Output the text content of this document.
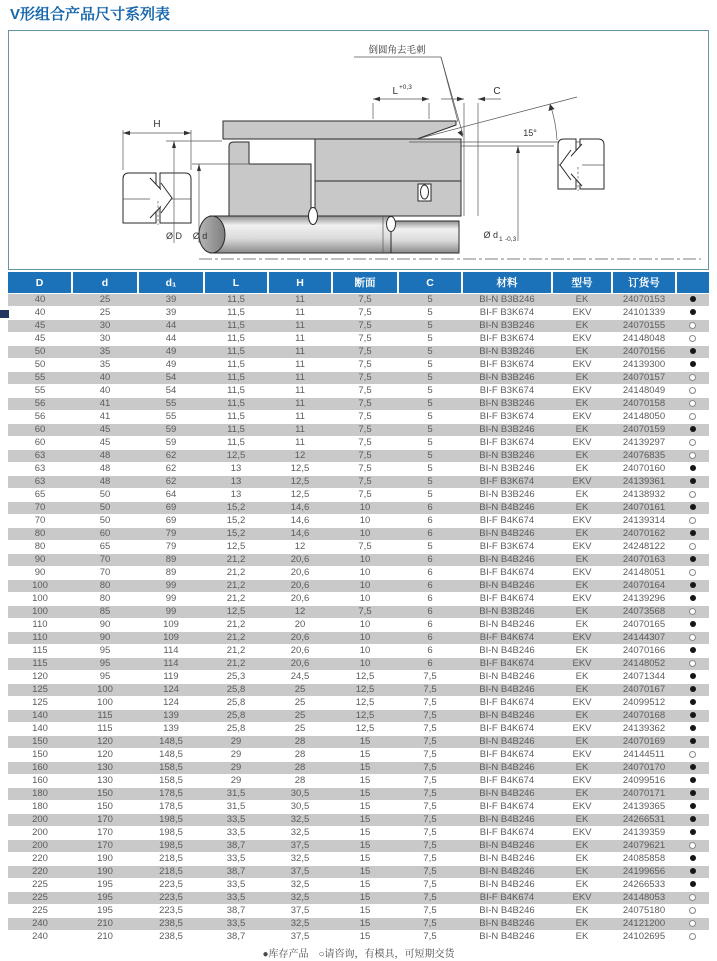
V形组合产品尺寸系列表
H
Ø D Ø d
L +0,3	C
15°
Ø d 1 -0,3
倒圆角去毛刺
D	d	d₁	L	H	断面	C	材料	型号	订货号	
40	25	39	11,5	11	7,5	5	BI-N B3B246	EK	24070153	
40	25	39	11,5	11	7,5	5	BI-F B3K674	EKV	24101339	
45	30	44	11,5	11	7,5	5	BI-N B3B246	EK	24070155	
45	30	44	11,5	11	7,5	5	BI-F B3K674	EKV	24148048	
50	35	49	11,5	11	7,5	5	BI-N B3B246	EK	24070156	
50	35	49	11,5	11	7,5	5	BI-F B3K674	EKV	24139300	
55	40	54	11,5	11	7,5	5	BI-N B3B246	EK	24070157	
55	40	54	11,5	11	7,5	5	BI-F B3K674	EKV	24148049	
56	41	55	11,5	11	7,5	5	BI-N B3B246	EK	24070158	
56	41	55	11,5	11	7,5	5	BI-F B3K674	EKV	24148050	
60	45	59	11,5	11	7,5	5	BI-N B3B246	EK	24070159	
60	45	59	11,5	11	7,5	5	BI-F B3K674	EKV	24139297	
63	48	62	12,5	12	7,5	5	BI-N B3B246	EK	24076835	
63	48	62	13	12,5	7,5	5	BI-N B3B246	EK	24070160	
63	48	62	13	12,5	7,5	5	BI-F B3K674	EKV	24139361	
65	50	64	13	12,5	7,5	5	BI-N B3B246	EK	24138932	
70	50	69	15,2	14,6	10	6	BI-N B4B246	EK	24070161	
70	50	69	15,2	14,6	10	6	BI-F B4K674	EKV	24139314	
80	60	79	15,2	14,6	10	6	BI-N B4B246	EK	24070162	
80	65	79	12,5	12	7,5	5	BI-F B3K674	EKV	24248122	
90	70	89	21,2	20,6	10	6	BI-N B4B246	EK	24070163	
90	70	89	21,2	20,6	10	6	BI-F B4K674	EKV	24148051	
100	80	99	21,2	20,6	10	6	BI-N B4B246	EK	24070164	
100	80	99	21,2	20,6	10	6	BI-F B4K674	EKV	24139296	
100	85	99	12,5	12	7,5	6	BI-N B3B246	EK	24073568	
110	90	109	21,2	20	10	6	BI-N B4B246	EK	24070165	
110	90	109	21,2	20,6	10	6	BI-F B4K674	EKV	24144307	
115	95	114	21,2	20,6	10	6	BI-N B4B246	EK	24070166	
115	95	114	21,2	20,6	10	6	BI-F B4K674	EKV	24148052	
120	95	119	25,3	24,5	12,5	7,5	BI-N B4B246	EK	24071344	
125	100	124	25,8	25	12,5	7,5	BI-N B4B246	EK	24070167	
125	100	124	25,8	25	12,5	7,5	BI-F B4K674	EKV	24099512	
140	115	139	25,8	25	12,5	7,5	BI-N B4B246	EK	24070168	
140	115	139	25,8	25	12,5	7,5	BI-F B4K674	EKV	24139362	
150	120	148,5	29	28	15	7,5	BI-N B4B246	EK	24070169	
150	120	148,5	29	28	15	7,5	BI-F B4K674	EKV	24144511	
160	130	158,5	29	28	15	7,5	BI-N B4B246	EK	24070170	
160	130	158,5	29	28	15	7,5	BI-F B4K674	EKV	24099516	
180	150	178,5	31,5	30,5	15	7,5	BI-N B4B246	EK	24070171	
180	150	178,5	31,5	30,5	15	7,5	BI-F B4K674	EKV	24139365	
200	170	198,5	33,5	32,5	15	7,5	BI-N B4B246	EK	24266531	
200	170	198,5	33,5	32,5	15	7,5	BI-F B4K674	EKV	24139359	
200	170	198,5	38,7	37,5	15	7,5	BI-N B4B246	EK	24079621	
220	190	218,5	33,5	32,5	15	7,5	BI-N B4B246	EK	24085858	
220	190	218,5	38,7	37,5	15	7,5	BI-N B4B246	EK	24199656	
225	195	223,5	33,5	32,5	15	7,5	BI-N B4B246	EK	24266533	
225	195	223,5	33,5	32,5	15	7,5	BI-F B4K674	EKV	24148053	
225	195	223,5	38,7	37,5	15	7,5	BI-N B4B246	EK	24075180	
240	210	238,5	33,5	32,5	15	7,5	BI-N B4B246	EK	24121200	
240	210	238,5	38,7	37,5	15	7,5	BI-N B4B246	EK	24102695	
●库存产品　○请咨询，有模具，可短期交货
